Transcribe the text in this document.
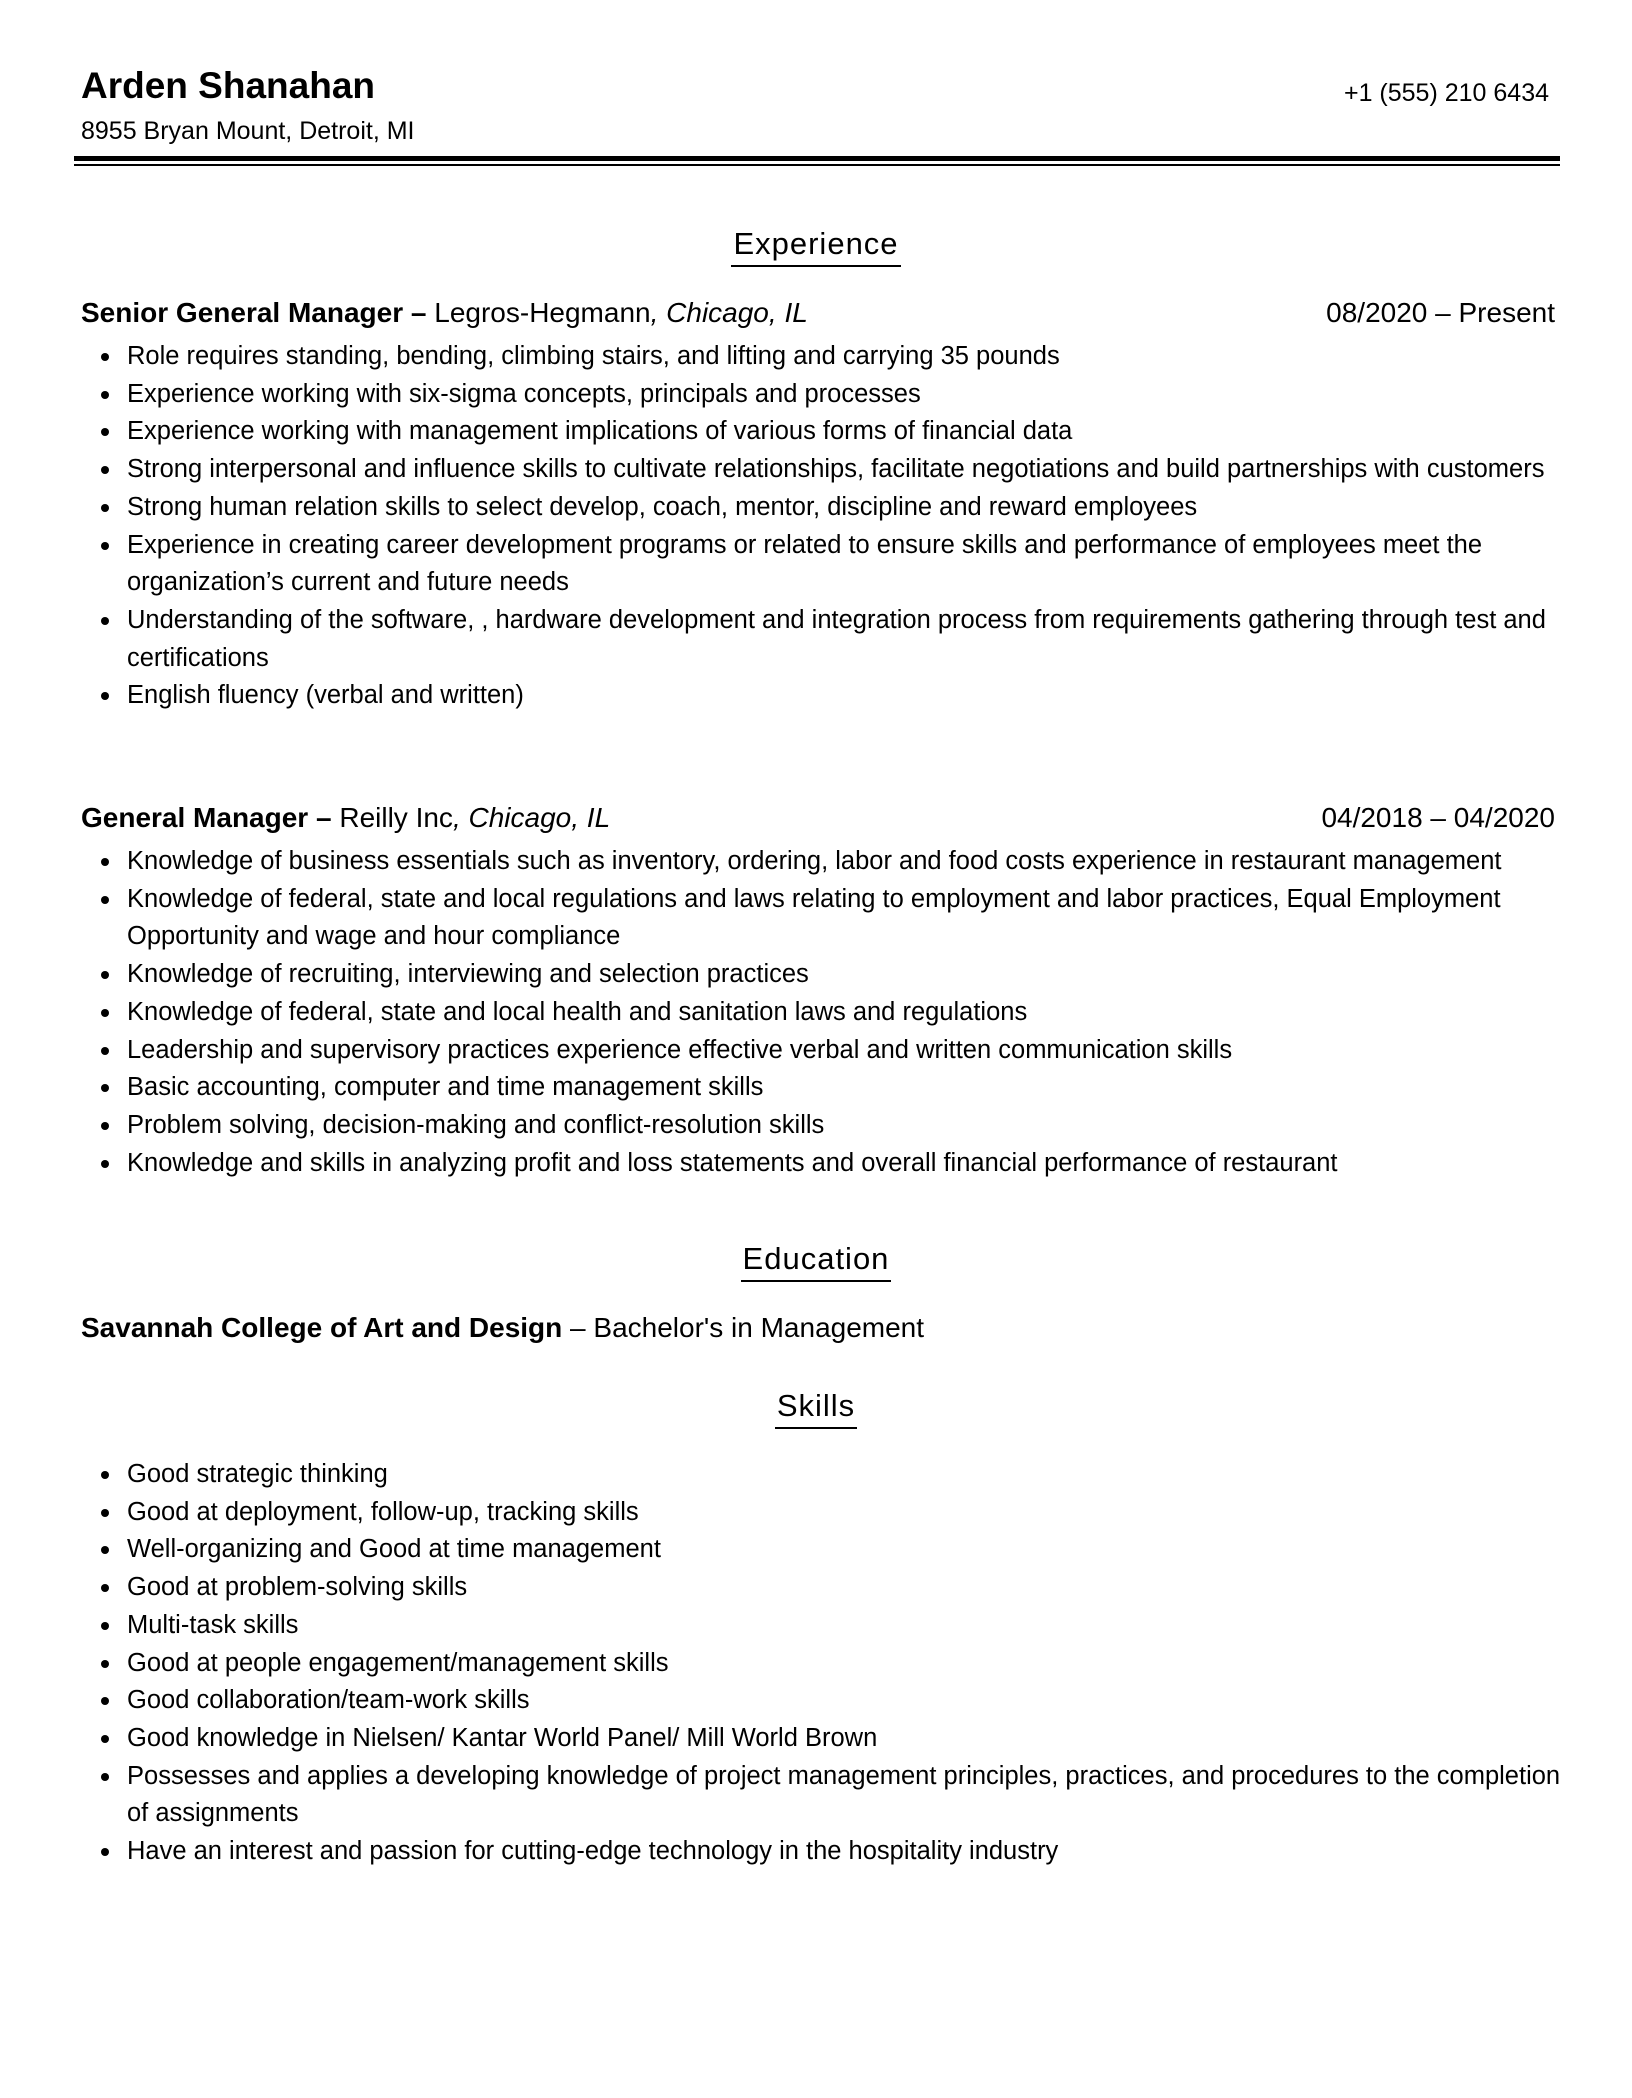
Arden Shanahan
8955 Bryan Mount, Detroit, MI
+1 (555) 210 6434
Experience
Senior General Manager – Legros-Hegmann, Chicago, IL	08/2020 – Present
Role requires standing, bending, climbing stairs, and lifting and carrying 35 pounds
Experience working with six-sigma concepts, principals and processes
Experience working with management implications of various forms of financial data
Strong interpersonal and influence skills to cultivate relationships, facilitate negotiations and build partnerships with customers
Strong human relation skills to select develop, coach, mentor, discipline and reward employees
Experience in creating career development programs or related to ensure skills and performance of employees meet the organization’s current and future needs
Understanding of the software, , hardware development and integration process from requirements gathering through test and certifications
English fluency (verbal and written)
General Manager – Reilly Inc, Chicago, IL	04/2018 – 04/2020
Knowledge of business essentials such as inventory, ordering, labor and food costs experience in restaurant management
Knowledge of federal, state and local regulations and laws relating to employment and labor practices, Equal Employment Opportunity and wage and hour compliance
Knowledge of recruiting, interviewing and selection practices
Knowledge of federal, state and local health and sanitation laws and regulations
Leadership and supervisory practices experience effective verbal and written communication skills
Basic accounting, computer and time management skills
Problem solving, decision-making and conflict-resolution skills
Knowledge and skills in analyzing profit and loss statements and overall financial performance of restaurant
Education
Savannah College of Art and Design – Bachelor's in Management
Skills
Good strategic thinking
Good at deployment, follow-up, tracking skills
Well-organizing and Good at time management
Good at problem-solving skills
Multi-task skills
Good at people engagement/management skills
Good collaboration/team-work skills
Good knowledge in Nielsen/ Kantar World Panel/ Mill World Brown
Possesses and applies a developing knowledge of project management principles, practices, and procedures to the completion of assignments
Have an interest and passion for cutting-edge technology in the hospitality industry
